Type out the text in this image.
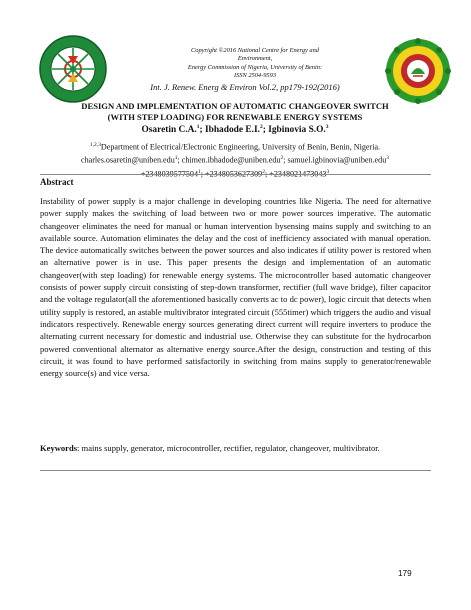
Copyright ©2016 National Centre for Energy and
Environment,
Energy Commission of Nigeria, University of Benin:
ISSN 2504-9593
Int. J. Renew. Energ & Environ Vol.2, pp179-192(2016)
DESIGN AND IMPLEMENTATION OF AUTOMATIC CHANGEOVER SWITCH
(WITH STEP LOADING) FOR RENEWABLE ENERGY SYSTEMS
Osaretin C.A.$^1$; Ibhadode E.I.$^2$; Igbinovia S.O.$^3$
$^{1,2,3}$Department of Electrical/Electronic Engineering, University of Benin, Benin, Nigeria.
charles.osaretin@uniben.edu$^1$; chimen.ibhadode@uniben.edu$^2$; samuel.igbinovia@uniben.edu$^3$
$+2348039577504^1$; $+2348053627309^2$; $+2348021473043^3$
Abstract

Instability of power supply is a major challenge in developing countries like Nigeria. The need for alternative power supply makes the switching of load between two or more power sources imperative. The automatic changeover eliminates the need for manual or human intervention bysensing mains supply and switching to an available source. Automation eliminates the delay and the cost of inefficiency associated with manual operation. The device automatically switches between the power sources and also indicates if utility power is restored when an alternative power is in use. This paper presents the design and implementation of an automatic changeover(with step loading) for renewable energy systems. The microcontroller based automatic changeover consists of power supply circuit consisting of step-down transformer, rectifier (full wave bridge), filter capacitor and the voltage regulator(all the aforementioned basically converts ac to dc power), logic circuit that detects when utility supply is restored, an astable multivibrator integrated circuit (555timer) which triggers the audio and visual indicators respectively. Renewable energy sources generating direct current will require inverters to produce the alternating current necessary for domestic and industrial use. Otherwise they can substitute for the hydrocarbon powered conventional alternator as alternative energy source.After the design, construction and testing of this circuit, it was found to have performed satisfactorily in switching from mains supply to generator/renewable energy source(s) and vice versa.

Keywords: mains supply, generator, microcontroller, rectifier, regulator, changeover, multivibrator.
179
